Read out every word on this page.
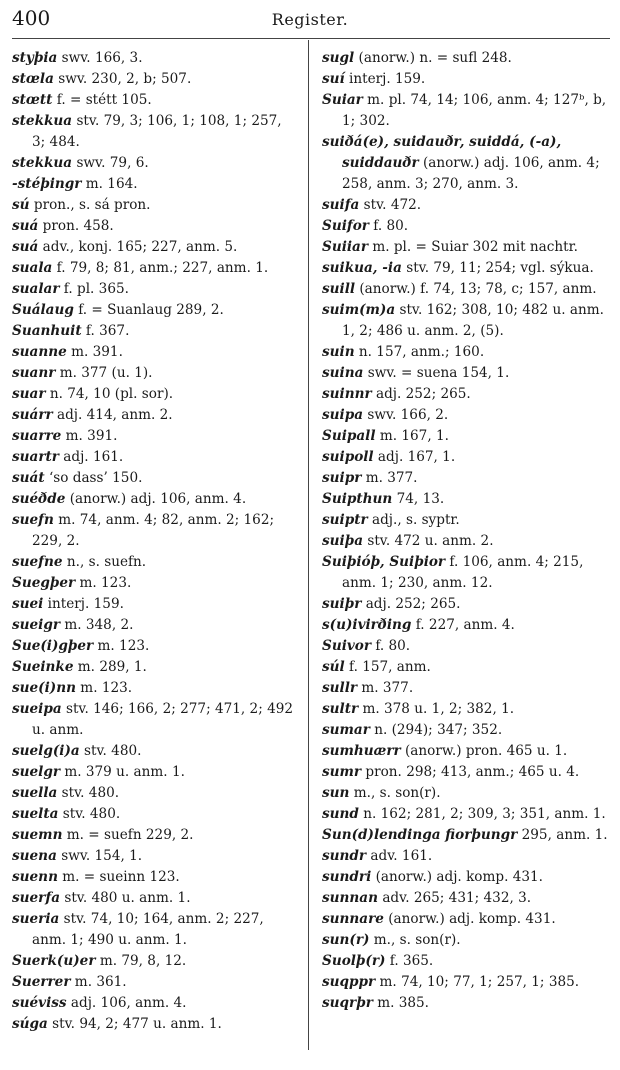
400	Register.
styþia swv. 166, 3.
stœla swv. 230, 2, b; 507.
stœtt f. = stétt 105.
stekkua stv. 79, 3; 106, 1; 108, 1; 257, 3; 484.
stekkua swv. 79, 6.
-stéþingr m. 164.
sú pron., s. sá pron.
suá pron. 458.
suá adv., konj. 165; 227, anm. 5.
suala f. 79, 8; 81, anm.; 227, anm. 1.
sualar f. pl. 365.
Suálaug f. = Suanlaug 289, 2.
Suanhuit f. 367.
suanne m. 391.
suanr m. 377 (u. 1).
suar n. 74, 10 (pl. sor).
suárr adj. 414, anm. 2.
suarre m. 391.
suartr adj. 161.
suát ‘so dass’ 150.
suéðde (anorw.) adj. 106, anm. 4.
suefn m. 74, anm. 4; 82, anm. 2; 162; 229, 2.
suefne n., s. suefn.
Suegþer m. 123.
suei interj. 159.
sueigr m. 348, 2.
Sue(i)gþer m. 123.
Sueinke m. 289, 1.
sue(i)nn m. 123.
sueipa stv. 146; 166, 2; 277; 471, 2; 492 u. anm.
suelg(i)a stv. 480.
suelgr m. 379 u. anm. 1.
suella stv. 480.
suelta stv. 480.
suemn m. = suefn 229, 2.
suena swv. 154, 1.
suenn m. = sueinn 123.
suerfa stv. 480 u. anm. 1.
sueria stv. 74, 10; 164, anm. 2; 227, anm. 1; 490 u. anm. 1.
Suerk(u)er m. 79, 8, 12.
Suerrer m. 361.
suéviss adj. 106, anm. 4.
súga stv. 94, 2; 477 u. anm. 1.
sugl (anorw.) n. = sufl 248.
suí interj. 159.
Suiar m. pl. 74, 14; 106, anm. 4; 127ᵇ, b, 1; 302.
suiðá(e), suidauðr, suiddá, (-a), suiddauðr (anorw.) adj. 106, anm. 4; 258, anm. 3; 270, anm. 3.
suifa stv. 472.
Suifor f. 80.
Suiiar m. pl. = Suiar 302 mit nachtr.
suikua, -ia stv. 79, 11; 254; vgl. sýkua.
suill (anorw.) f. 74, 13; 78, c; 157, anm.
suim(m)a stv. 162; 308, 10; 482 u. anm. 1, 2; 486 u. anm. 2, (5).
suin n. 157, anm.; 160.
suina swv. = suena 154, 1.
suinnr adj. 252; 265.
suipa swv. 166, 2.
Suipall m. 167, 1.
suipoll adj. 167, 1.
suipr m. 377.
Suipthun 74, 13.
suiptr adj., s. syptr.
suiþa stv. 472 u. anm. 2.
Suiþióþ, Suiþior f. 106, anm. 4; 215, anm. 1; 230, anm. 12.
suiþr adj. 252; 265.
s(u)ivirðing f. 227, anm. 4.
Suivor f. 80.
súl f. 157, anm.
sullr m. 377.
sultr m. 378 u. 1, 2; 382, 1.
sumar n. (294); 347; 352.
sumhuærr (anorw.) pron. 465 u. 1.
sumr pron. 298; 413, anm.; 465 u. 4.
sun m., s. son(r).
sund n. 162; 281, 2; 309, 3; 351, anm. 1.
Sun(d)lendinga fiorþungr 295, anm. 1.
sundr adv. 161.
sundri (anorw.) adj. komp. 431.
sunnan adv. 265; 431; 432, 3.
sunnare (anorw.) adj. komp. 431.
sun(r) m., s. son(r).
Suolþ(r) f. 365.
suqppr m. 74, 10; 77, 1; 257, 1; 385.
suqrþr m. 385.
